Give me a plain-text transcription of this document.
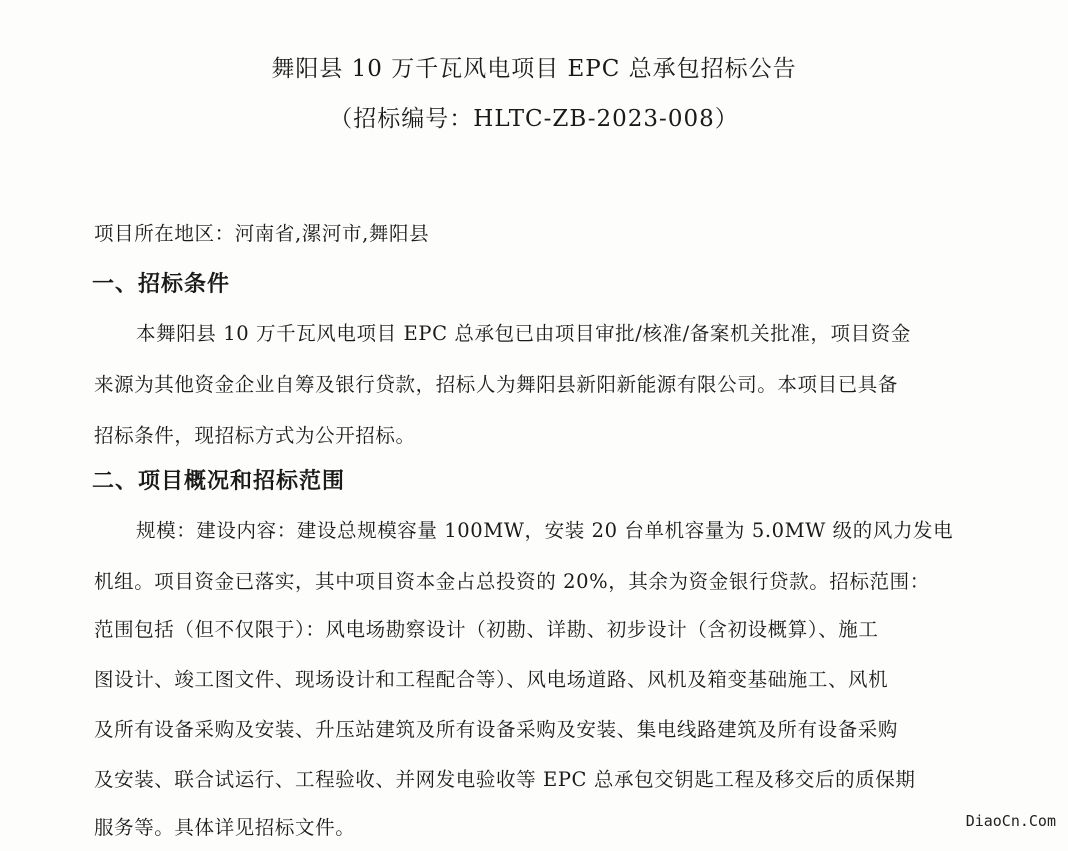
舞阳县 10 万千瓦风电项目 EPC 总承包招标公告
（招标编号：HLTC-ZB-2023-008）
项目所在地区：河南省,漯河市,舞阳县
一、招标条件
本舞阳县 10 万千瓦风电项目 EPC 总承包已由项目审批/核准/备案机关批准，项目资金
来源为其他资金企业自筹及银行贷款，招标人为舞阳县新阳新能源有限公司。本项目已具备
招标条件，现招标方式为公开招标。
二、项目概况和招标范围
规模：建设内容：建设总规模容量 100MW，安装 20 台单机容量为 5.0MW 级的风力发电
机组。项目资金已落实，其中项目资本金占总投资的 20%，其余为资金银行贷款。招标范围：
范围包括（但不仅限于）：风电场勘察设计（初勘、详勘、初步设计（含初设概算）、施工
图设计、竣工图文件、现场设计和工程配合等）、风电场道路、风机及箱变基础施工、风机
及所有设备采购及安装、升压站建筑及所有设备采购及安装、集电线路建筑及所有设备采购
及安装、联合试运行、工程验收、并网发电验收等 EPC 总承包交钥匙工程及移交后的质保期
服务等。具体详见招标文件。	DiaoCn.Com
